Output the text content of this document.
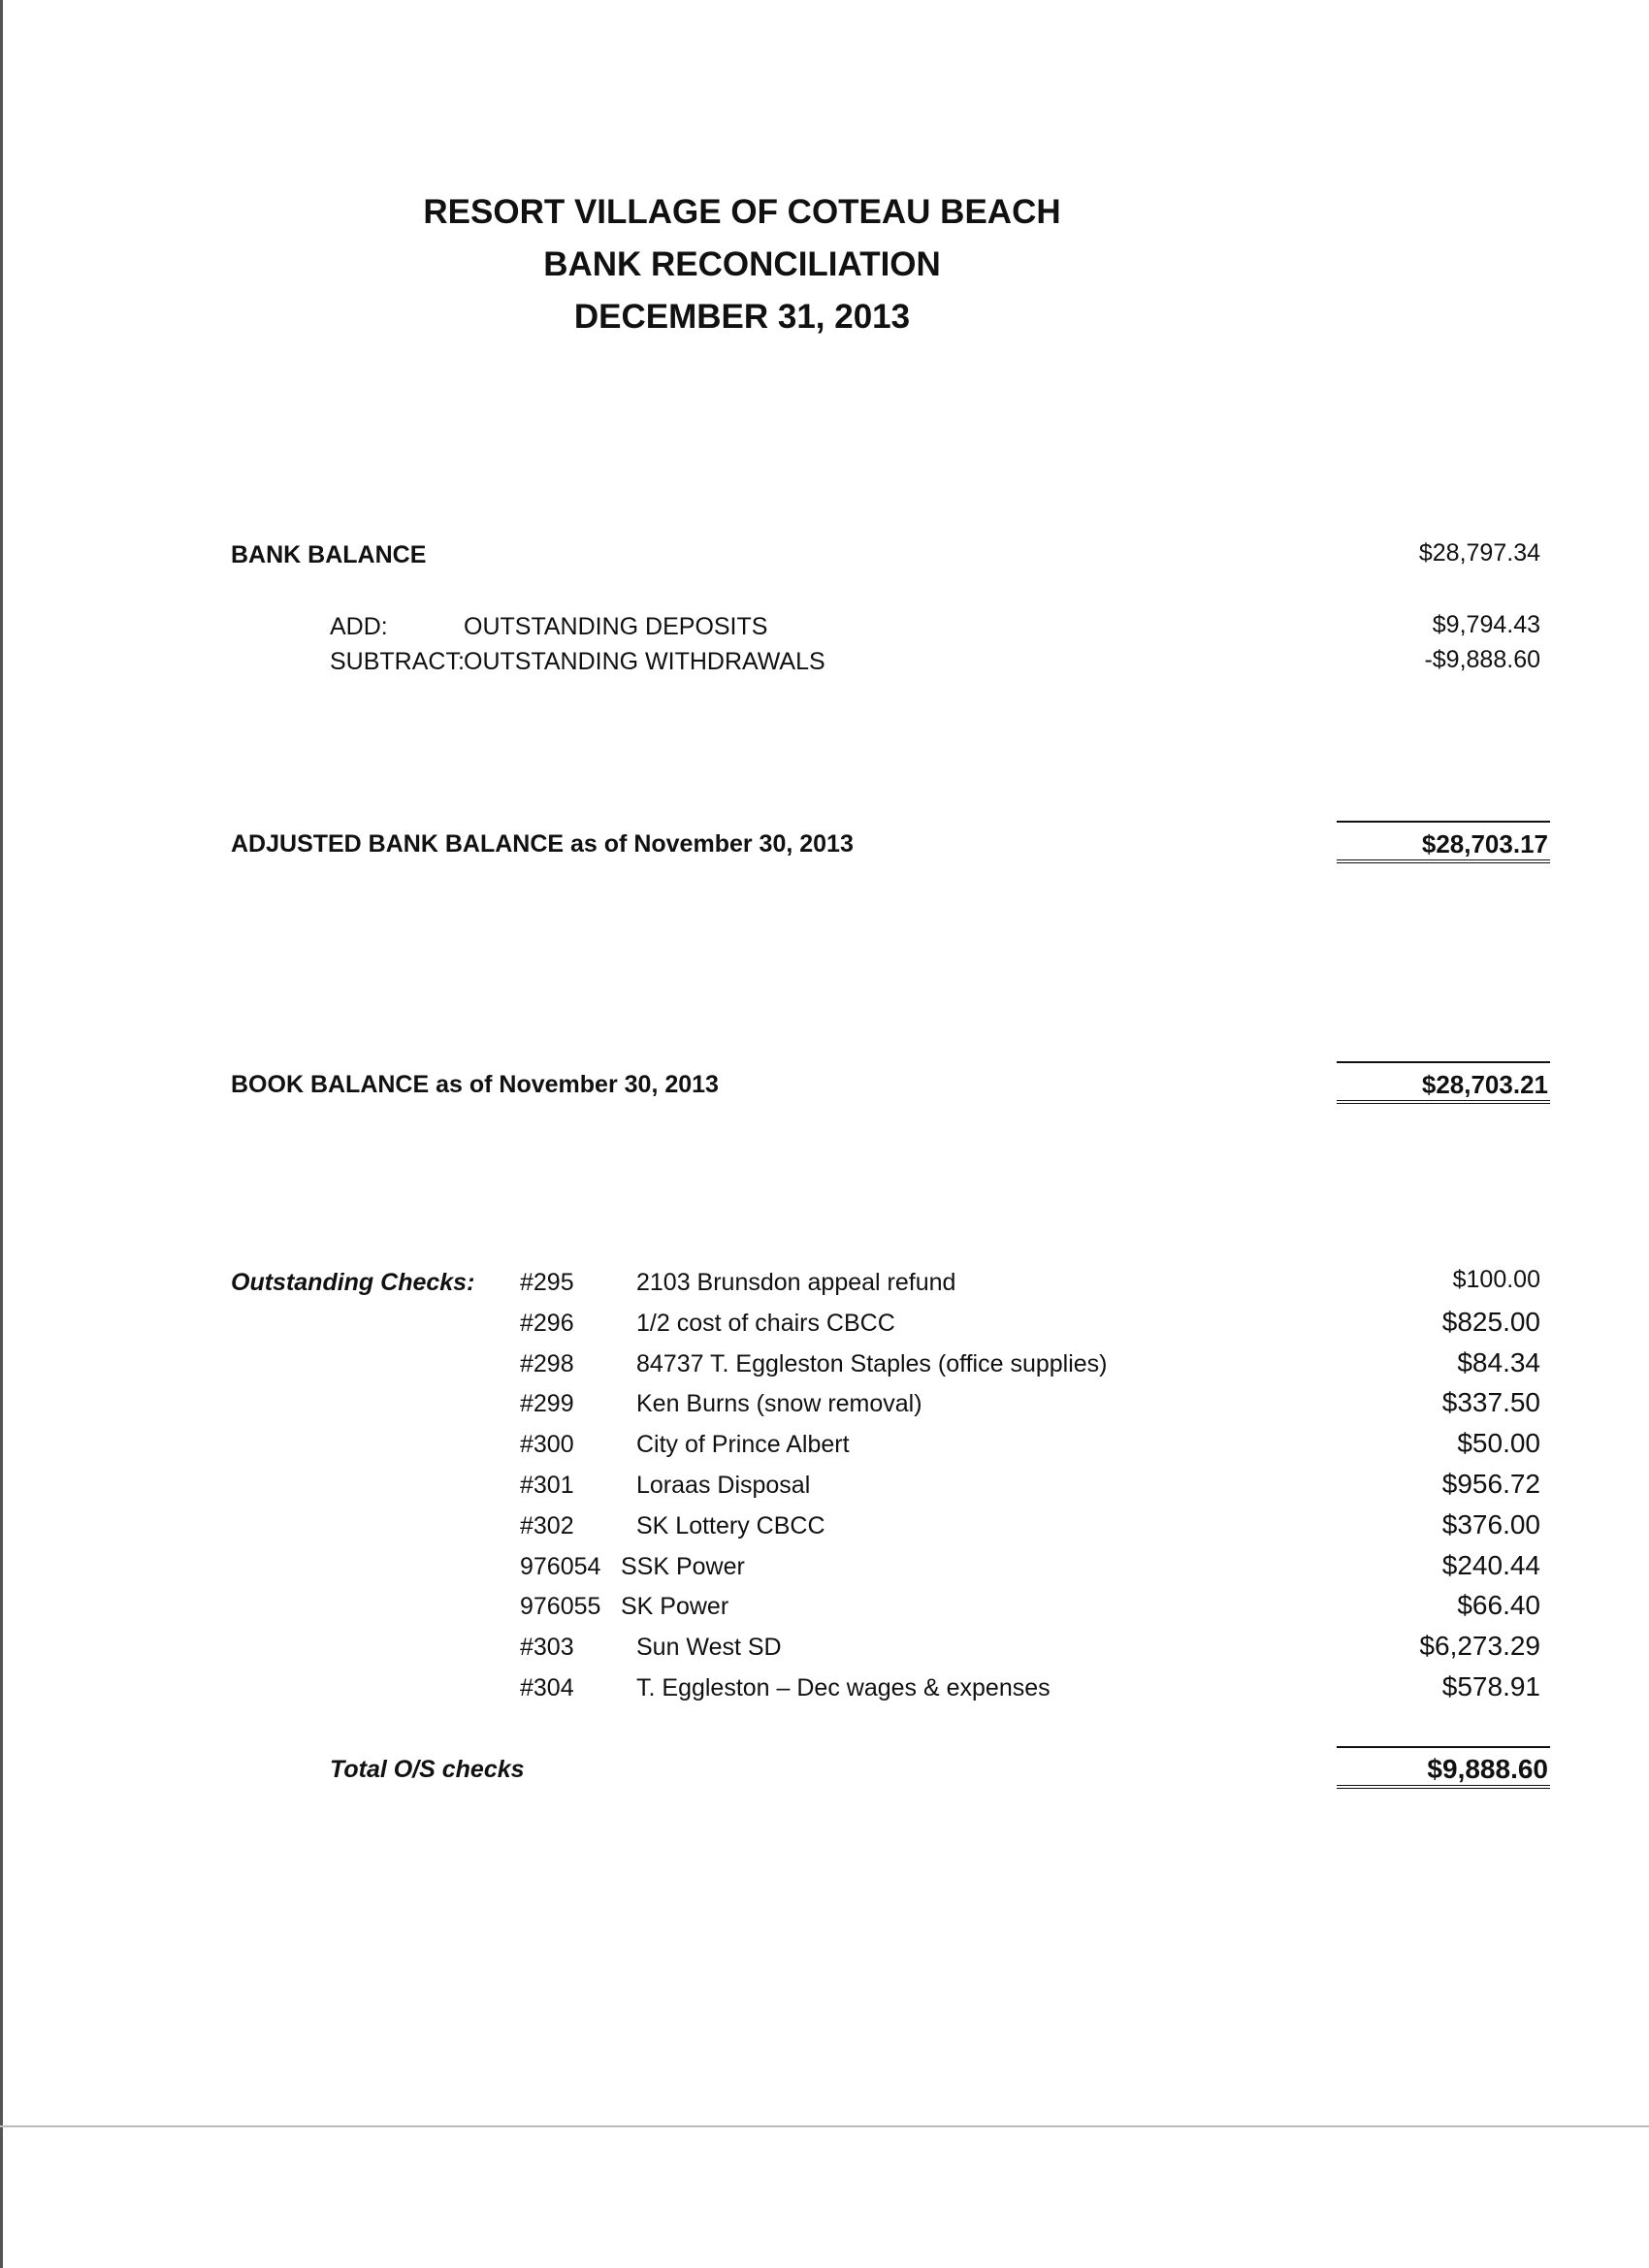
RESORT VILLAGE OF COTEAU BEACH
BANK RECONCILIATION
DECEMBER 31, 2013
BANK BALANCE	$28,797.34
ADD:	OUTSTANDING DEPOSITS	$9,794.43
SUBTRACT: OUTSTANDING WITHDRAWALS	-$9,888.60
ADJUSTED BANK BALANCE as of November 30, 2013	$28,703.17
BOOK BALANCE as of November 30, 2013	$28,703.21
Outstanding Checks: #295	2103 Brunsdon appeal refund	$100.00
#296	1/2 cost of chairs CBCC	$825.00
#298	84737 T. Eggleston Staples (office supplies)	$84.34
#299	Ken Burns (snow removal)	$337.50
#300	City of Prince Albert	$50.00
#301	Loraas Disposal	$956.72
#302	SK Lottery CBCC	$376.00
976054 SSK Power	$240.44
976055 SK Power	$66.40
#303	Sun West SD	$6,273.29
#304	T. Eggleston – Dec wages & expenses	$578.91
Total O/S checks	$9,888.60
